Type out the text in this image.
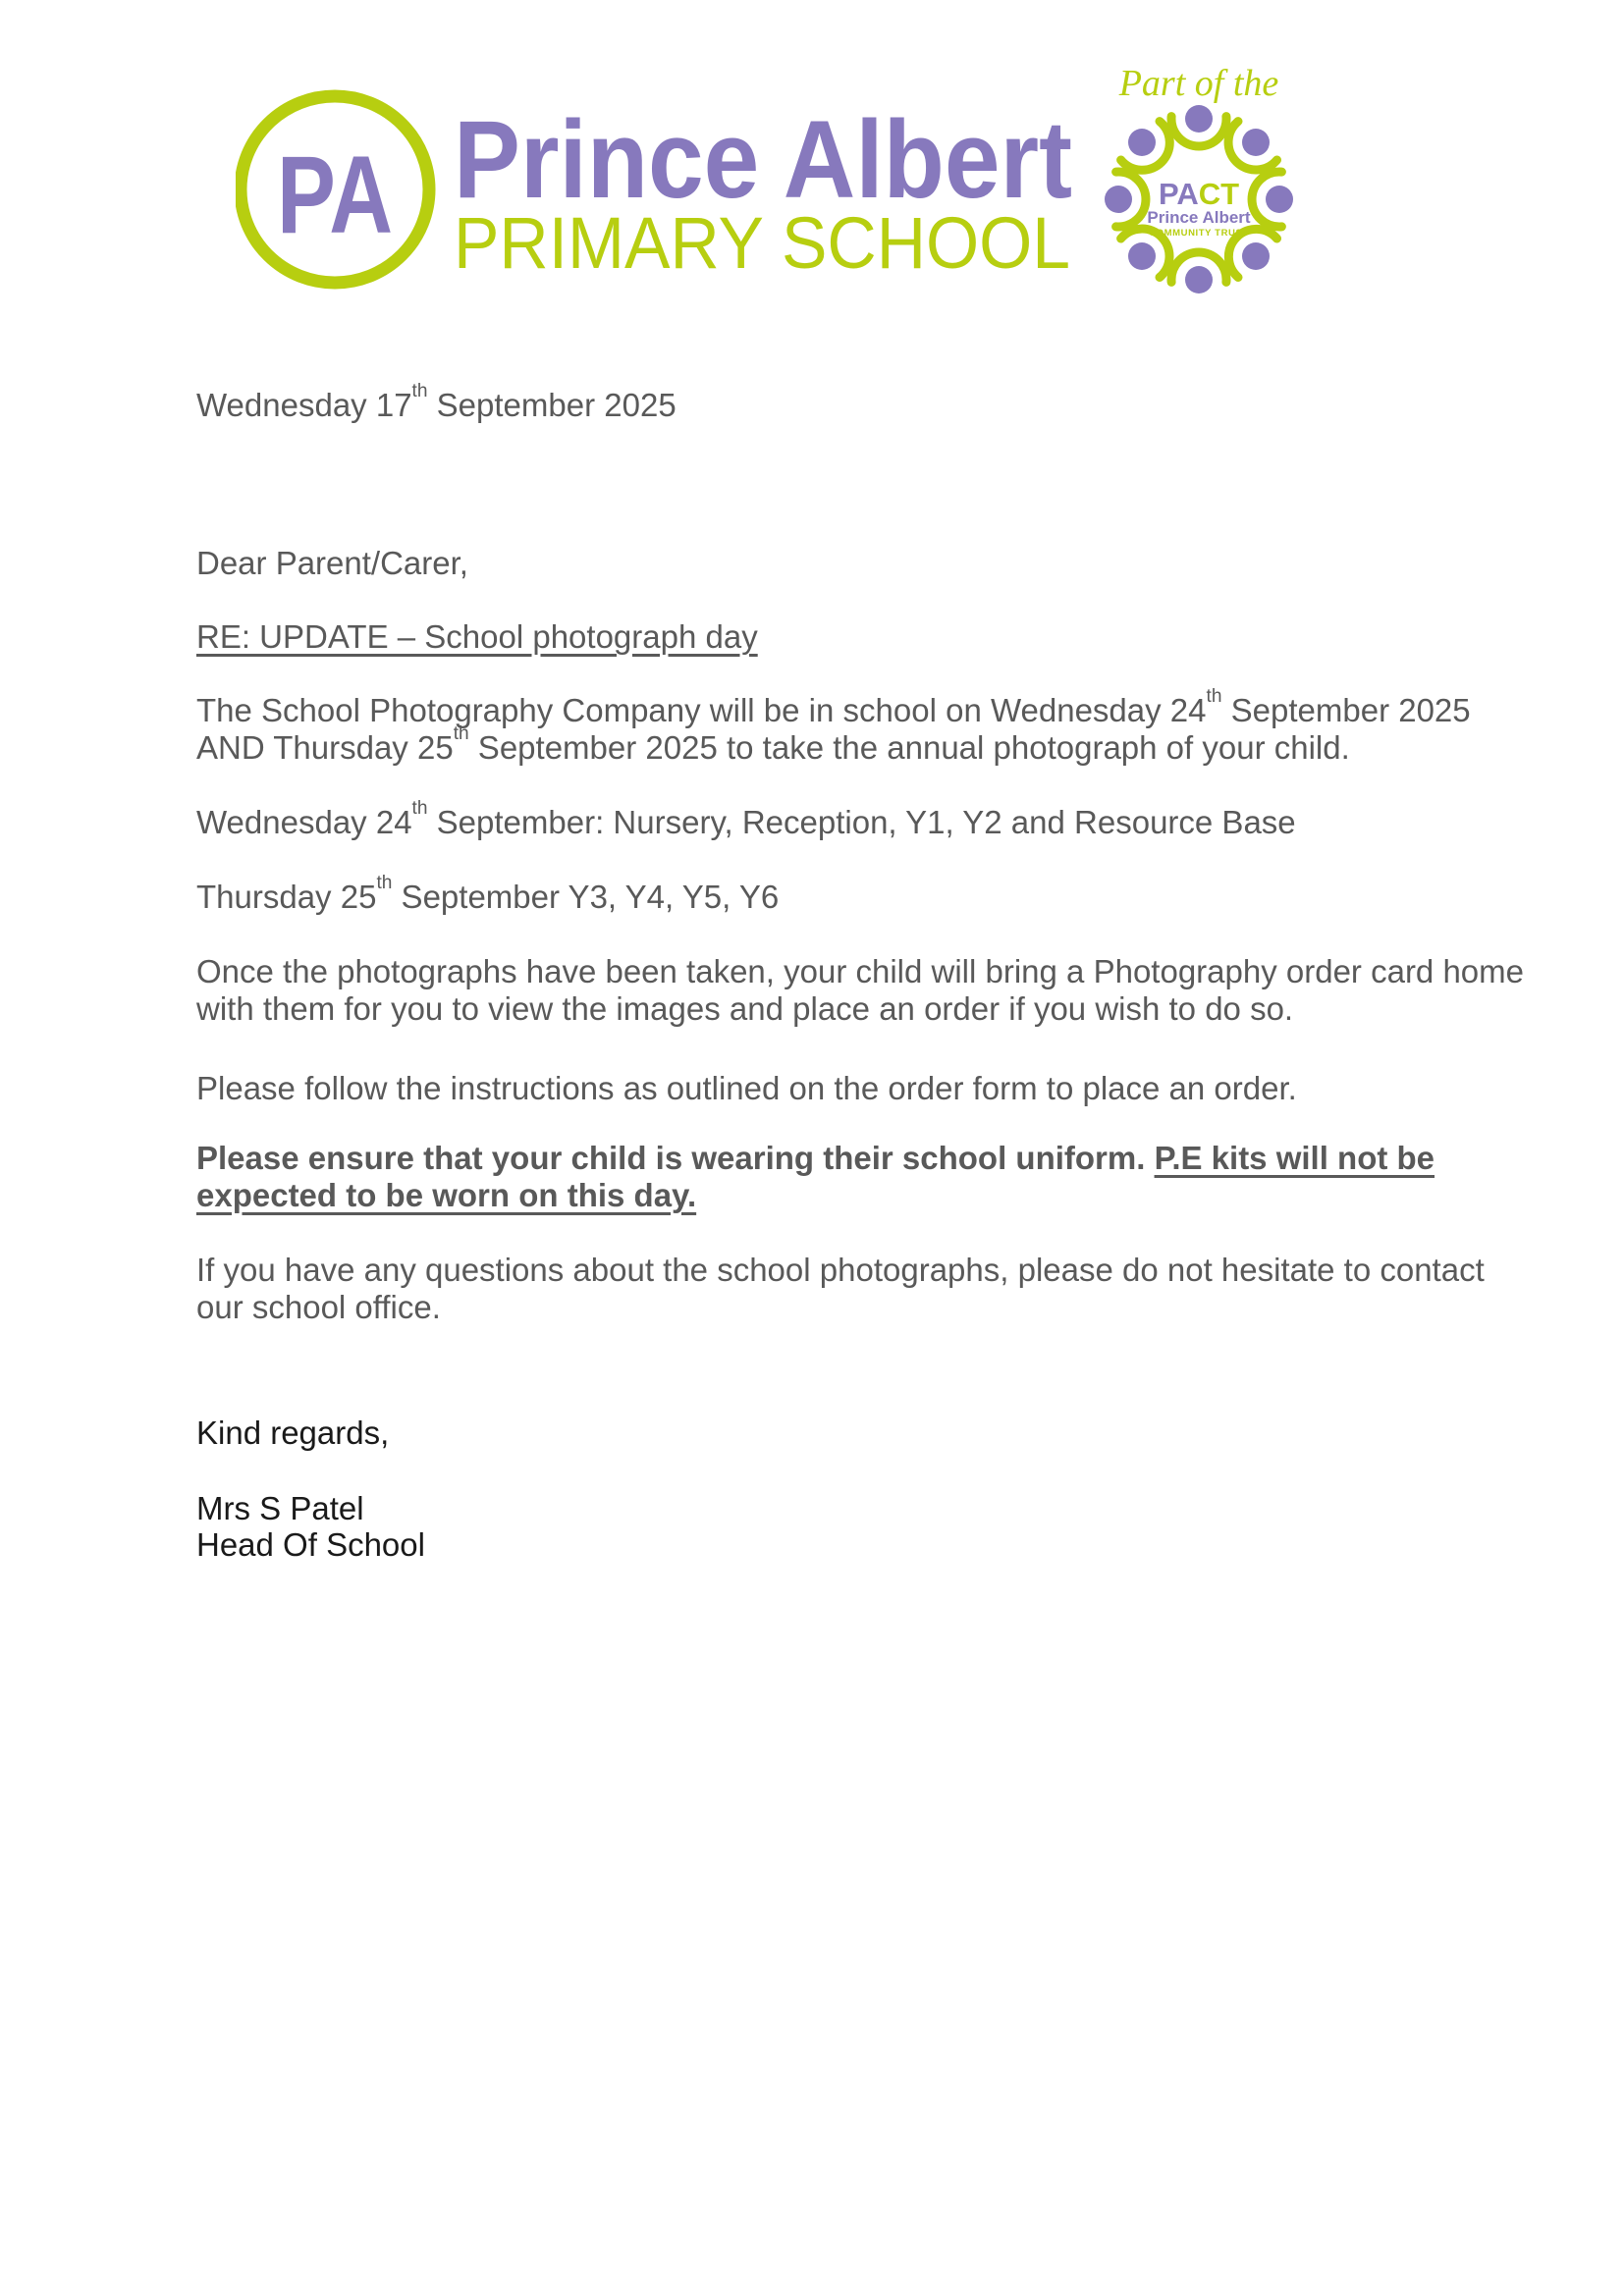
PA Prince Albert
PRIMARY SCHOOL
Part of the
PACT
Prince Albert
COMMUNITY TRUST

Wednesday 17th September 2025

Dear Parent/Carer,

RE: UPDATE – School photograph day

The School Photography Company will be in school on Wednesday 24th September 2025
AND Thursday 25th September 2025 to take the annual photograph of your child.

Wednesday 24th September: Nursery, Reception, Y1, Y2 and Resource Base

Thursday 25th September Y3, Y4, Y5, Y6

Once the photographs have been taken, your child will bring a Photography order card home
with them for you to view the images and place an order if you wish to do so.

Please follow the instructions as outlined on the order form to place an order.

Please ensure that your child is wearing their school uniform. P.E kits will not be
expected to be worn on this day.

If you have any questions about the school photographs, please do not hesitate to contact
our school office.

Kind regards,

Mrs S Patel

Head Of School
